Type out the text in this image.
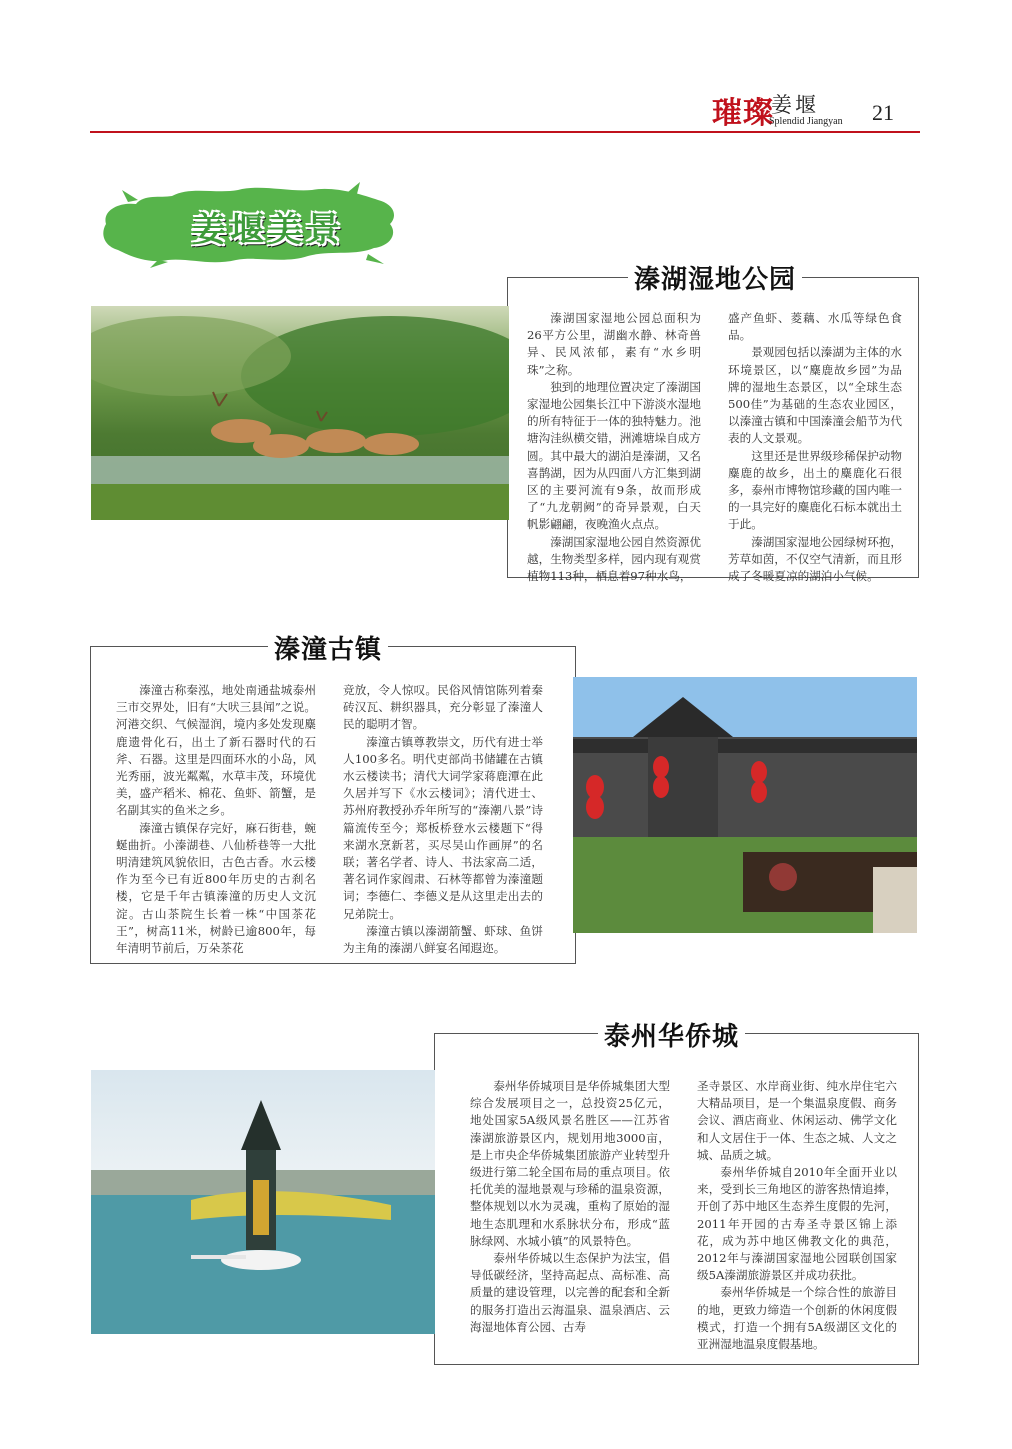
璀璨
姜堰
Splendid Jiangyan 21
姜堰美景
溱湖湿地公园

溱湖国家湿地公园总面积为26平方公里，湖幽水静、林奇兽异、民风浓郁，素有“水乡明珠”之称。

独到的地理位置决定了溱湖国家湿地公园集长江中下游淡水湿地的所有特征于一体的独特魅力。池塘沟洼纵横交错，洲滩塘垛自成方圆。其中最大的湖泊是溱湖，又名喜鹊湖，因为从四面八方汇集到湖区的主要河流有9条，故而形成了“九龙朝阙”的奇异景观，白天帆影翩翩，夜晚渔火点点。

溱湖国家湿地公园自然资源优越，生物类型多样，园内现有观赏植物113种，栖息着97种水鸟，

盛产鱼虾、菱藕、水瓜等绿色食品。

景观园包括以溱湖为主体的水环境景区，以“麋鹿故乡园”为品牌的湿地生态景区，以“全球生态500佳”为基础的生态农业园区，以溱潼古镇和中国溱潼会船节为代表的人文景观。

这里还是世界级珍稀保护动物麋鹿的故乡，出土的麋鹿化石很多，泰州市博物馆珍藏的国内唯一的一具完好的麋鹿化石标本就出土于此。

溱湖国家湿地公园绿树环抱，芳草如茵，不仅空气清新，而且形成了冬暖夏凉的湖泊小气候。

溱潼古镇

溱潼古称秦泓，地处南通盐城泰州三市交界处，旧有“大吠三县闻”之说。河港交织、气候湿润，境内多处发现麋鹿遗骨化石，出土了新石器时代的石斧、石器。这里是四面环水的小岛，风光秀丽，波光粼粼，水草丰茂，环境优美，盛产稻米、棉花、鱼虾、箭蟹，是名副其实的鱼米之乡。

溱潼古镇保存完好，麻石街巷，蜿蜒曲折。小溱湖巷、八仙桥巷等一大批明清建筑风貌依旧，古色古香。水云楼作为至今已有近800年历史的古刹名楼，它是千年古镇溱潼的历史人文沉淀。古山茶院生长着一株“中国茶花王”，树高11米，树龄已逾800年，每年清明节前后，万朵茶花

竞放，令人惊叹。民俗风情馆陈列着秦砖汉瓦、耕织器具，充分彰显了溱潼人民的聪明才智。

溱潼古镇尊教崇文，历代有进士举人100多名。明代吏部尚书储罐在古镇水云楼读书；清代大词学家蒋鹿潭在此久居并写下《水云楼词》；清代进士、苏州府教授孙乔年所写的“溱潮八景”诗篇流传至今；郑板桥登水云楼题下“得来湖水烹新茗，买尽吴山作画屏”的名联；著名学者、诗人、书法家高二适，著名词作家阎肃、石林等都曾为溱潼题词；李德仁、李德义是从这里走出去的兄弟院士。

溱潼古镇以溱湖箭蟹、虾球、鱼饼为主角的溱湖八鲜宴名闻遐迩。

泰州华侨城

泰州华侨城项目是华侨城集团大型综合发展项目之一，总投资25亿元，地处国家5A级风景名胜区——江苏省溱湖旅游景区内，规划用地3000亩，是上市央企华侨城集团旅游产业转型升级进行第二轮全国布局的重点项目。依托优美的湿地景观与珍稀的温泉资源，整体规划以水为灵魂，重构了原始的湿地生态肌理和水系脉状分布，形成“蓝脉绿网、水城小镇”的风景特色。

泰州华侨城以生态保护为法宝，倡导低碳经济，坚持高起点、高标准、高质量的建设管理，以完善的配套和全新的服务打造出云海温泉、温泉酒店、云海湿地体育公园、古寿

圣寺景区、水岸商业街、纯水岸住宅六大精品项目，是一个集温泉度假、商务会议、酒店商业、休闲运动、佛学文化和人文居住于一体、生态之城、人文之城、品质之城。

泰州华侨城自2010年全面开业以来，受到长三角地区的游客热情追捧，开创了苏中地区生态养生度假的先河，2011年开园的古寿圣寺景区锦上添花，成为苏中地区佛教文化的典范，2012年与溱湖国家湿地公园联创国家级5A溱湖旅游景区并成功获批。

泰州华侨城是一个综合性的旅游目的地，更致力缔造一个创新的休闲度假模式，打造一个拥有5A级湖区文化的亚洲湿地温泉度假基地。
